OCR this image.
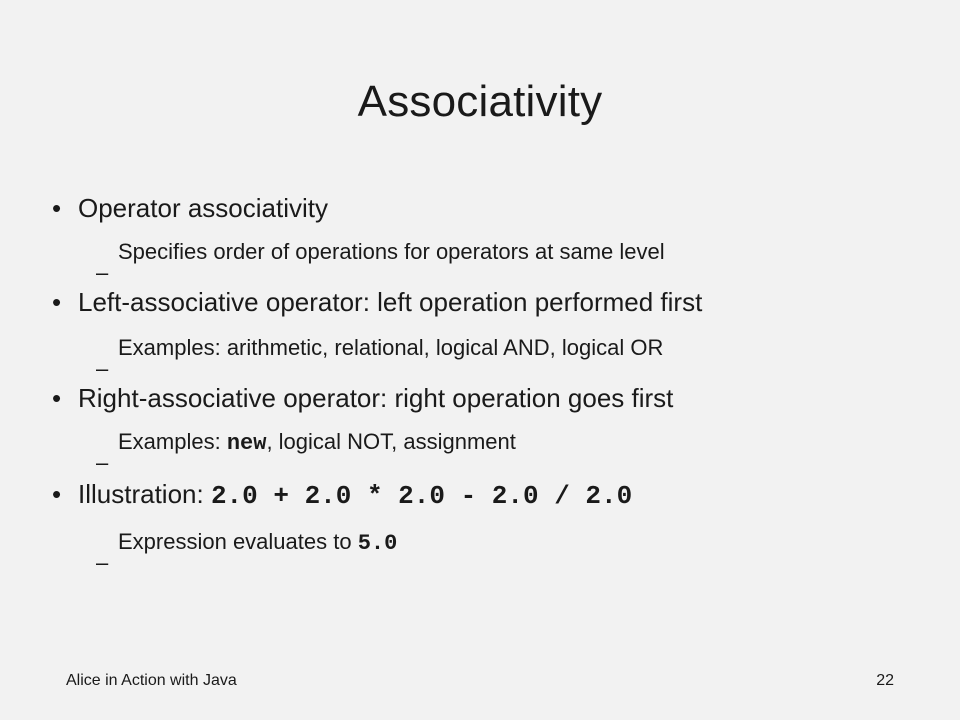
Associativity
• Operator associativity
–
Specifies order of operations for operators at same level
• Left-associative operator: left operation performed first
–
Examples: arithmetic, relational, logical AND, logical OR
• Right-associative operator: right operation goes first
–
Examples: new, logical NOT, assignment
• Illustration: 2.0 + 2.0 * 2.0 - 2.0 / 2.0
–
Expression evaluates to 5.0
Alice in Action with Java	22
